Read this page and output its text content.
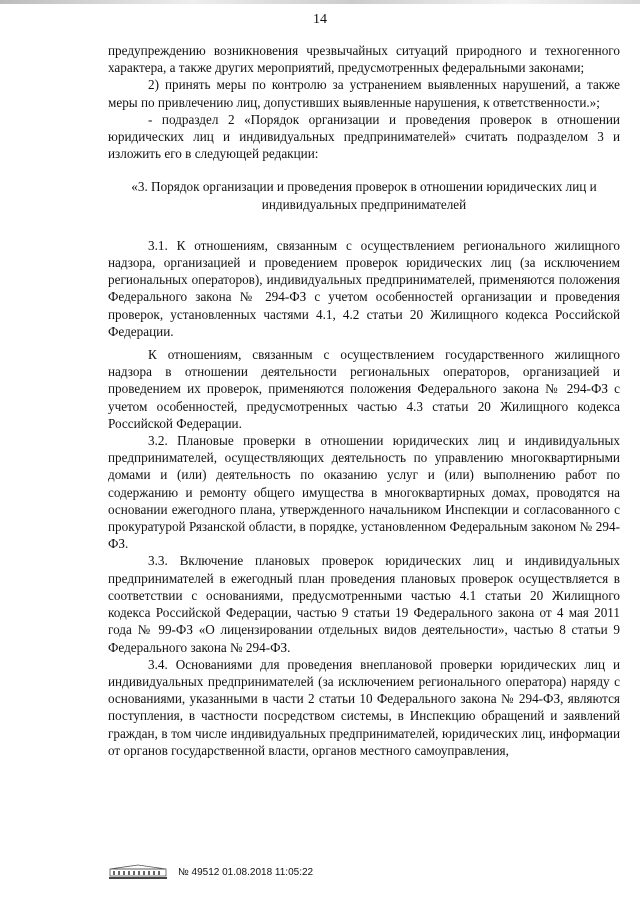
14

предупреждению возникновения чрезвычайных ситуаций природного и техногенного характера, а также других мероприятий, предусмотренных федеральными законами;

2) принять меры по контролю за устранением выявленных нарушений, а также меры по привлечению лиц, допустивших выявленные нарушения, к ответственности.»;

- подраздел 2 «Порядок организации и проведения проверок в отношении юридических лиц и индивидуальных предпринимателей» считать подразделом 3 и изложить его в следующей редакции:

«3. Порядок организации и проведения проверок в отношении юридических лиц и индивидуальных предпринимателей

3.1. К отношениям, связанным с осуществлением регионального жилищного надзора, организацией и проведением проверок юридических лиц (за исключением региональных операторов), индивидуальных предпринимателей, применяются положения Федерального закона № 294-ФЗ с учетом особенностей организации и проведения проверок, установленных частями 4.1, 4.2 статьи 20 Жилищного кодекса Российской Федерации.

К отношениям, связанным с осуществлением государственного жилищного надзора в отношении деятельности региональных операторов, организацией и проведением их проверок, применяются положения Федерального закона № 294-ФЗ с учетом особенностей, предусмотренных частью 4.3 статьи 20 Жилищного кодекса Российской Федерации.

3.2. Плановые проверки в отношении юридических лиц и индивидуальных предпринимателей, осуществляющих деятельность по управлению многоквартирными домами и (или) деятельность по оказанию услуг и (или) выполнению работ по содержанию и ремонту общего имущества в многоквартирных домах, проводятся на основании ежегодного плана, утвержденного начальником Инспекции и согласованного с прокуратурой Рязанской области, в порядке, установленном Федеральным законом № 294-ФЗ.

3.3. Включение плановых проверок юридических лиц и индивидуальных предпринимателей в ежегодный план проведения плановых проверок осуществляется в соответствии с основаниями, предусмотренными частью 4.1 статьи 20 Жилищного кодекса Российской Федерации, частью 9 статьи 19 Федерального закона от 4 мая 2011 года № 99-ФЗ «О лицензировании отдельных видов деятельности», частью 8 статьи 9 Федерального закона № 294-ФЗ.

3.4. Основаниями для проведения внеплановой проверки юридических лиц и индивидуальных предпринимателей (за исключением регионального оператора) наряду с основаниями, указанными в части 2 статьи 10 Федерального закона № 294-ФЗ, являются поступления, в частности посредством системы, в Инспекцию обращений и заявлений граждан, в том числе индивидуальных предпринимателей, юридических лиц, информации от органов государственной власти, органов местного самоуправления,

№ 49512 01.08.2018 11:05:22
